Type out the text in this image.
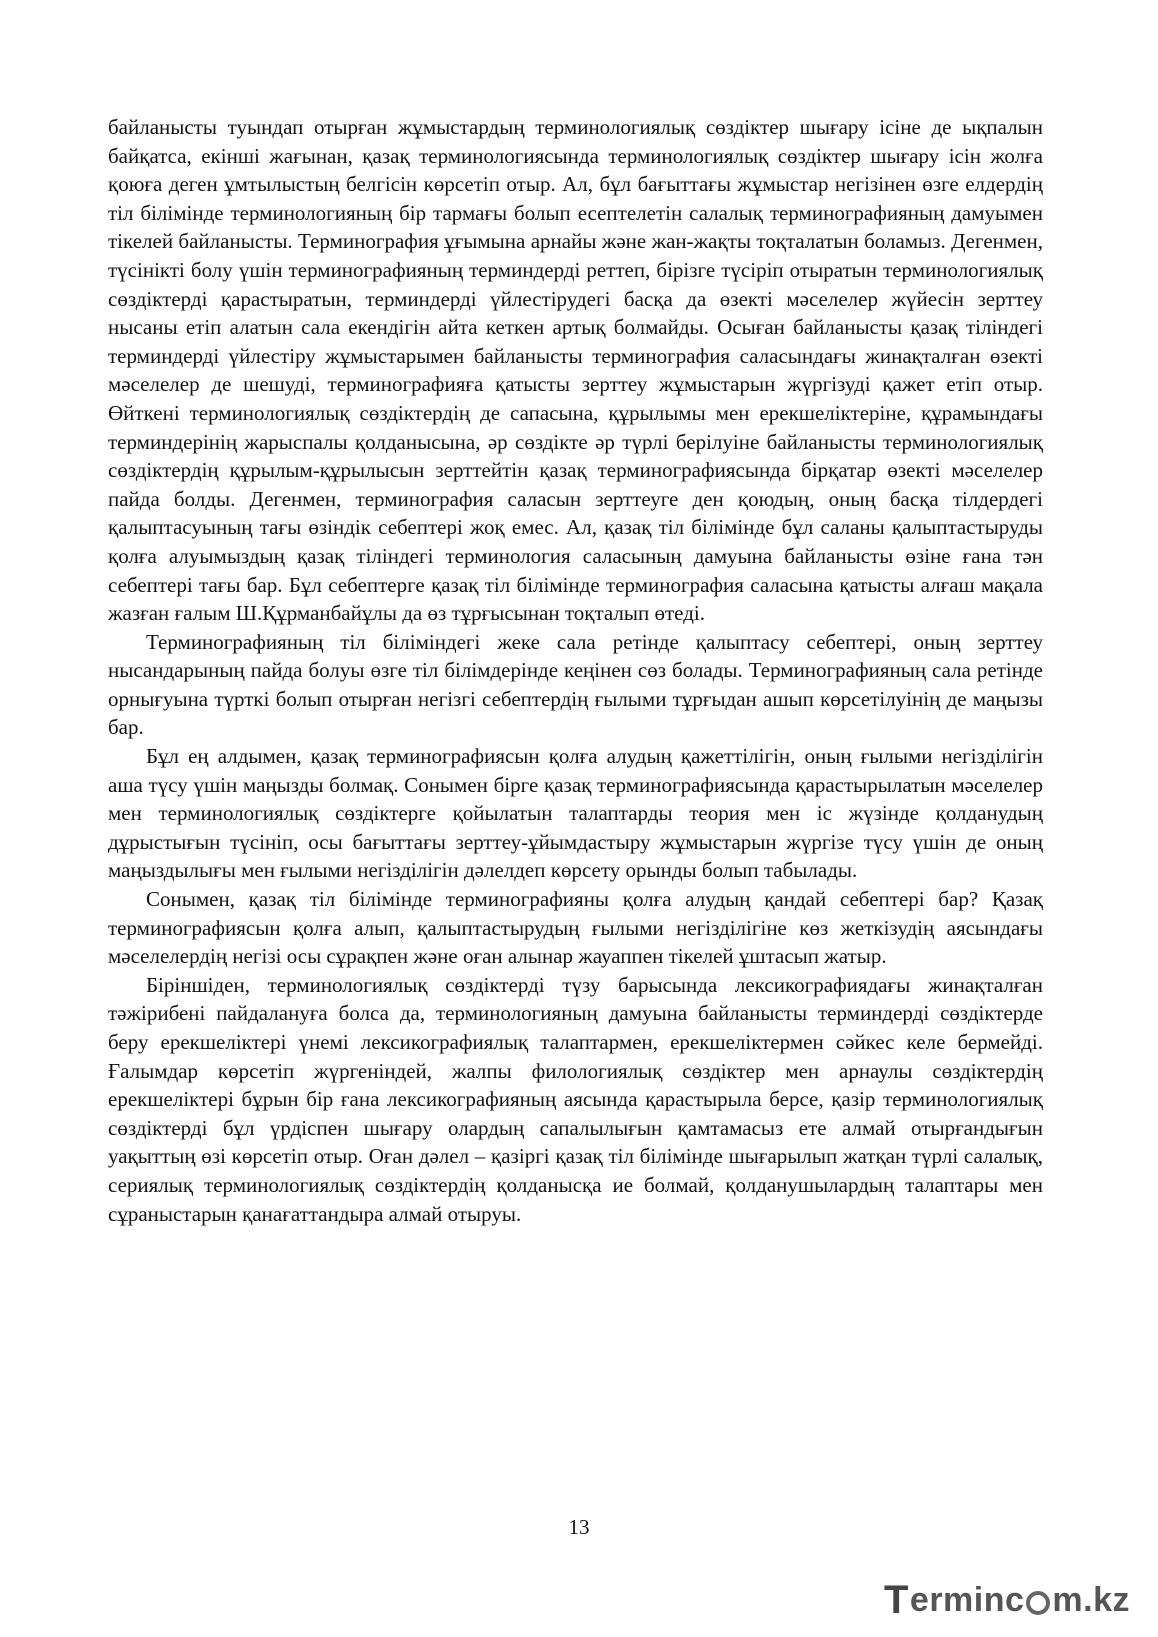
байланысты туындап отырған жұмыстардың терминологиялық сөздіктер шығару ісіне де ықпалын байқатса, екінші жағынан, қазақ терминологиясында терминологиялық сөздіктер шығару ісін жолға қоюға деген ұмтылыстың белгісін көрсетіп отыр. Ал, бұл бағыттағы жұмыстар негізінен өзге елдердің тіл білімінде терминологияның бір тармағы болып есептелетін салалық терминографияның дамуымен тікелей байланысты. Терминография ұғымына арнайы және жан-жақты тоқталатын боламыз. Дегенмен, түсінікті болу үшін терминографияның терминдерді реттеп, бірізге түсіріп отыратын терминологиялық сөздіктерді қарастыратын, терминдерді үйлестірудегі басқа да өзекті мәселелер жүйесін зерттеу нысаны етіп алатын сала екендігін айта кеткен артық болмайды. Осыған байланысты қазақ тіліндегі терминдерді үйлестіру жұмыстарымен байланысты терминография саласындағы жинақталған өзекті мәселелер де шешуді, терминографияға қатысты зерттеу жұмыстарын жүргізуді қажет етіп отыр. Өйткені терминологиялық сөздіктердің де сапасына, құрылымы мен ерекшеліктеріне, құрамындағы терминдерінің жарыспалы қолданысына, әр сөздікте әр түрлі берілуіне байланысты терминологиялық сөздіктердің құрылым-құрылысын зерттейтін қазақ терминографиясында бірқатар өзекті мәселелер пайда болды. Дегенмен, терминография саласын зерттеуге ден қоюдың, оның басқа тілдердегі қалыптасуының тағы өзіндік себептері жоқ емес. Ал, қазақ тіл білімінде бұл саланы қалыптастыруды қолға алуымыздың қазақ тіліндегі терминология саласының дамуына байланысты өзіне ғана тән себептері тағы бар. Бұл себептерге қазақ тіл білімінде терминография саласына қатысты алғаш мақала жазған ғалым Ш.Құрманбайұлы да өз тұрғысынан тоқталып өтеді.

Терминографияның тіл біліміндегі жеке сала ретінде қалыптасу себептері, оның зерттеу нысандарының пайда болуы өзге тіл білімдерінде кеңінен сөз болады. Терминографияның сала ретінде орнығуына түрткі болып отырған негізгі себептердің ғылыми тұрғыдан ашып көрсетілуінің де маңызы бар.

Бұл ең алдымен, қазақ терминографиясын қолға алудың қажеттілігін, оның ғылыми негізділігін аша түсу үшін маңызды болмақ. Сонымен бірге қазақ терминографиясында қарастырылатын мәселелер мен терминологиялық сөздіктерге қойылатын талаптарды теория мен іс жүзінде қолданудың дұрыстығын түсініп, осы бағыттағы зерттеу-ұйымдастыру жұмыстарын жүргізе түсу үшін де оның маңыздылығы мен ғылыми негізділігін дәлелдеп көрсету орынды болып табылады.

Сонымен, қазақ тіл білімінде терминографияны қолға алудың қандай себептері бар? Қазақ терминографиясын қолға алып, қалыптастырудың ғылыми негізділігіне көз жеткізудің аясындағы мәселелердің негізі осы сұрақпен және оған алынар жауаппен тікелей ұштасып жатыр.

Біріншіден, терминологиялық сөздіктерді түзу барысында лексикографиядағы жинақталған тәжірибені пайдалануға болса да, терминологияның дамуына байланысты терминдерді сөздіктерде беру ерекшеліктері үнемі лексикографиялық талаптармен, ерекшеліктермен сәйкес келе бермейді. Ғалымдар көрсетіп жүргеніндей, жалпы филологиялық сөздіктер мен арнаулы сөздіктердің ерекшеліктері бұрын бір ғана лексикографияның аясында қарастырыла берсе, қазір терминологиялық сөздіктерді бұл үрдіспен шығару олардың сапалылығын қамтамасыз ете алмай отырғандығын уақыттың өзі көрсетіп отыр. Оған дәлел – қазіргі қазақ тіл білімінде шығарылып жатқан түрлі салалық, сериялық терминологиялық сөздіктердің қолданысқа ие болмай, қолданушылардың талаптары мен сұраныстарын қанағаттандыра алмай отыруы.

13
T erminc m.kz
